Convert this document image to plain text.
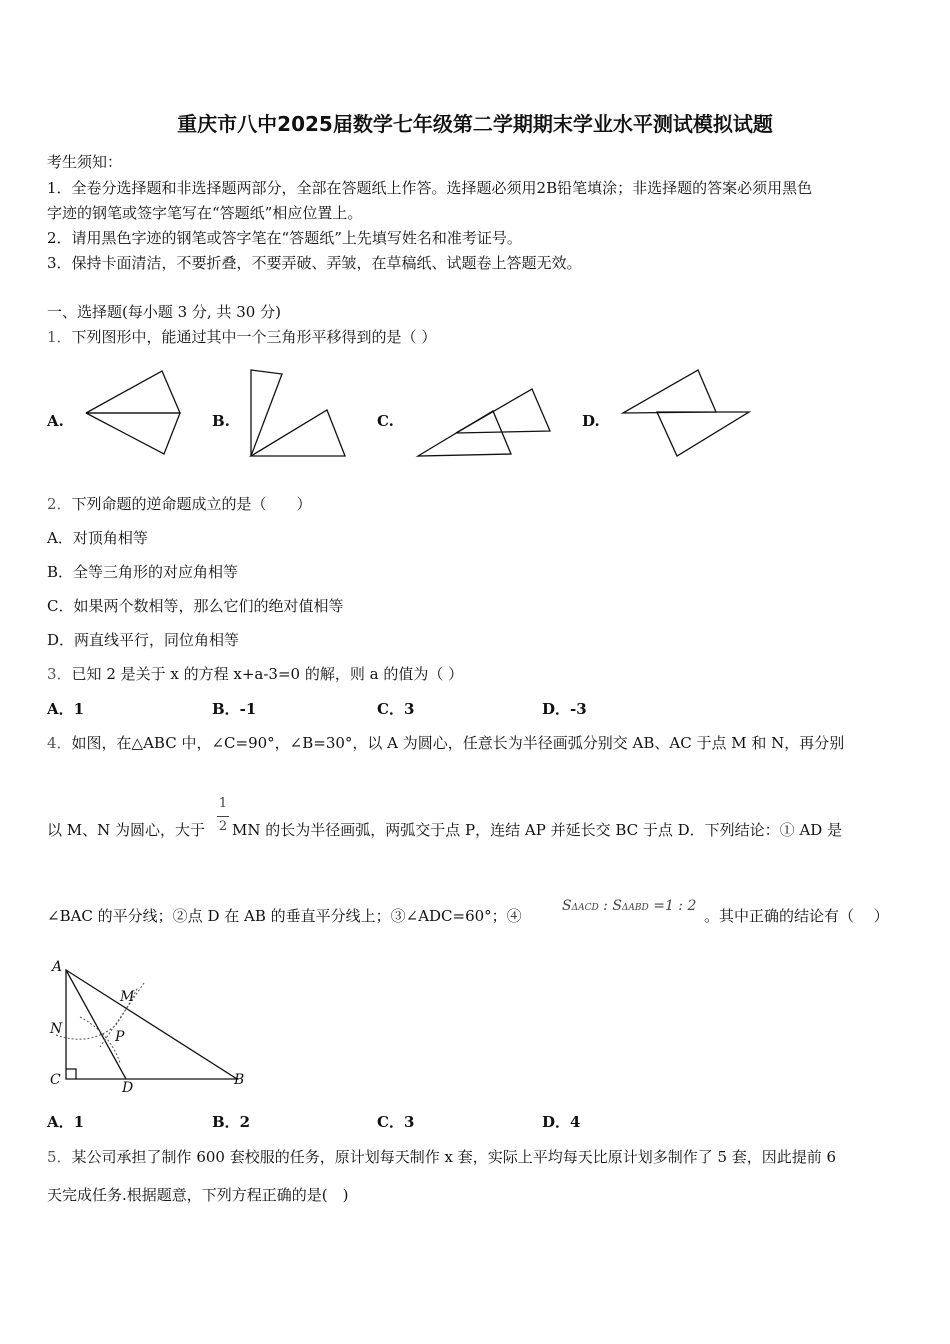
重庆市八中2025届数学七年级第二学期期末学业水平测试模拟试题
考生须知：
1．全卷分选择题和非选择题两部分，全部在答题纸上作答。选择题必须用2B铅笔填涂；非选择题的答案必须用黑色
字迹的钢笔或签字笔写在“答题纸”相应位置上。
2．请用黑色字迹的钢笔或答字笔在“答题纸”上先填写姓名和准考证号。
3．保持卡面清洁，不要折叠，不要弄破、弄皱，在草稿纸、试题卷上答题无效。
一、选择题(每小题 3 分, 共 30 分)
1．下列图形中，能通过其中一个三角形平移得到的是（ ）
A.	B.	C.	D.
2．下列命题的逆命题成立的是（　　）
A．对顶角相等
B．全等三角形的对应角相等
C．如果两个数相等，那么它们的绝对值相等
D．两直线平行，同位角相等
3．已知 2 是关于 x 的方程 x+a-3=0 的解，则 a 的值为（ ）
A．1	B．-1	C．3	D．-3
4．如图，在△ABC 中，∠C=90°，∠B=30°，以 A 为圆心，任意长为半径画弧分别交 AB、AC 于点 M 和 N，再分别
以 M、N 为圆心，大于
1
2 MN 的长为半径画弧，两弧交于点 P，连结 AP 并延长交 BC 于点 D．下列结论：① AD 是
∠BAC 的平分线；②点 D 在 AB 的垂直平分线上；③∠ADC=60°；④
SΔACD : SΔABD =1 : 2
。其中正确的结论有（　 ）
A
M
N	P
C	D	B
A．1	B．2	C．3	D．4
5．某公司承担了制作 600 套校服的任务，原计划每天制作 x 套，实际上平均每天比原计划多制作了 5 套，因此提前 6
天完成任务.根据题意，下列方程正确的是(　)
